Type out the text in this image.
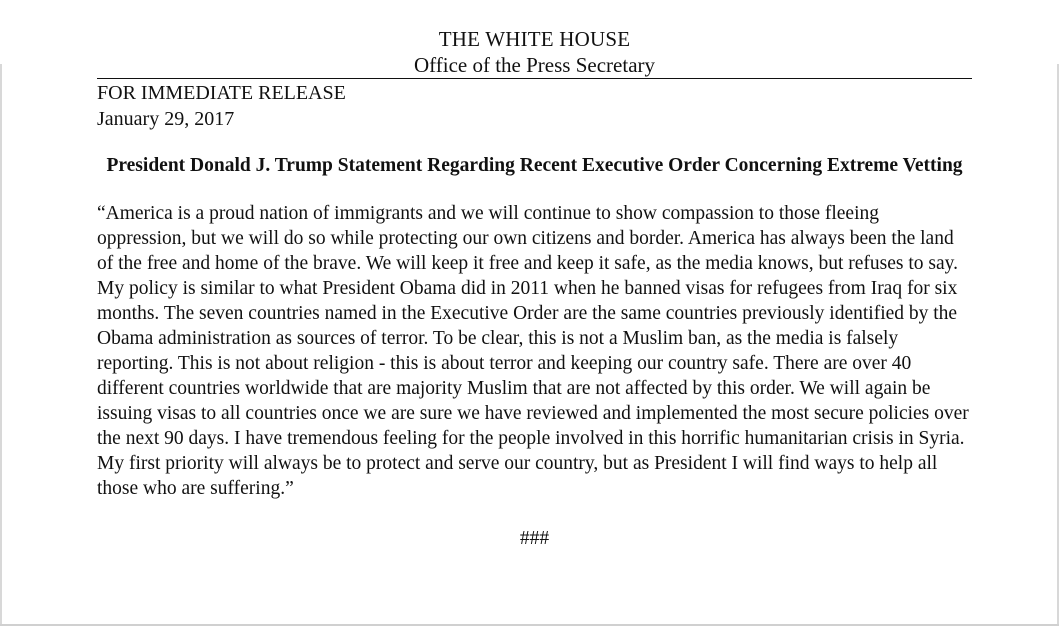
THE WHITE HOUSE
Office of the Press Secretary
FOR IMMEDIATE RELEASE
January 29, 2017
President Donald J. Trump Statement Regarding Recent Executive Order Concerning Extreme Vetting
“America is a proud nation of immigrants and we will continue to show compassion to those fleeing oppression, but we will do so while protecting our own citizens and border. America has always been the land of the free and home of the brave. We will keep it free and keep it safe, as the media knows, but refuses to say. My policy is similar to what President Obama did in 2011 when he banned visas for refugees from Iraq for six months. The seven countries named in the Executive Order are the same countries previously identified by the Obama administration as sources of terror. To be clear, this is not a Muslim ban, as the media is falsely reporting. This is not about religion - this is about terror and keeping our country safe. There are over 40 different countries worldwide that are majority Muslim that are not affected by this order. We will again be issuing visas to all countries once we are sure we have reviewed and implemented the most secure policies over the next 90 days. I have tremendous feeling for the people involved in this horrific humanitarian crisis in Syria. My first priority will always be to protect and serve our country, but as President I will find ways to help all those who are suffering.”
###
